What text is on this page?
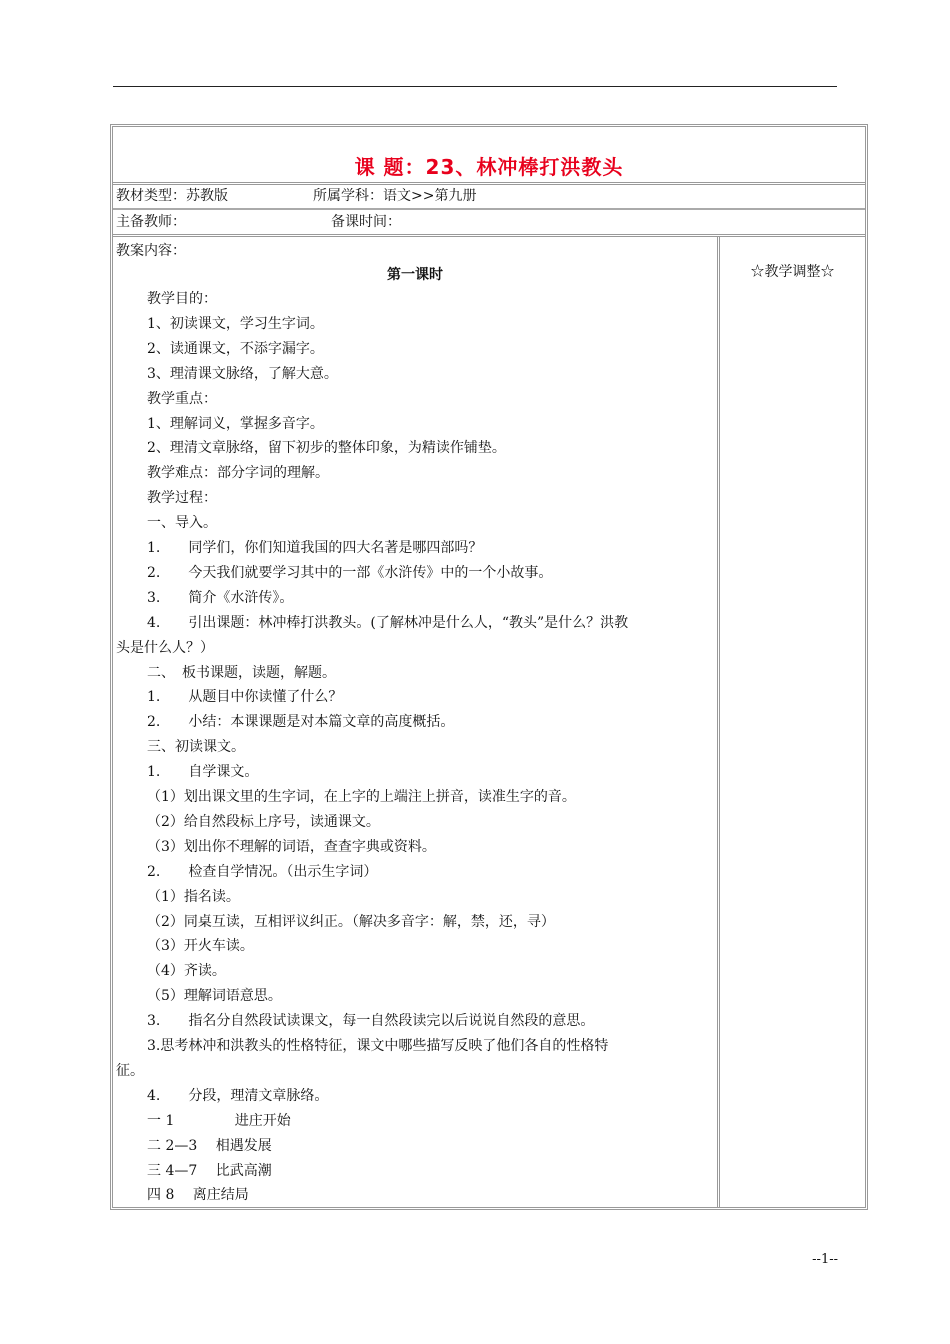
课 题：23、林冲棒打洪教头
教材类型：苏教版	所属学科：语文>>第九册
主备教师：	备课时间：
教案内容：
第一课时
教学目的：
1、初读课文，学习生字词。
2、读通课文，不添字漏字。
3、理清课文脉络，了解大意。
教学重点：
1、理解词义，掌握多音字。
2、理清文章脉络，留下初步的整体印象，为精读作铺垫。
教学难点：部分字词的理解。
教学过程：
一、导入。
1.　　同学们，你们知道我国的四大名著是哪四部吗？
2.　　今天我们就要学习其中的一部《水浒传》中的一个小故事。
3.　　简介《水浒传》。
4.　　引出课题：林冲棒打洪教头。(了解林冲是什么人，“教头”是什么？洪教
头是什么人？）
二、　板书课题，读题，解题。
1.　　从题目中你读懂了什么？
2.　　小结：本课课题是对本篇文章的高度概括。
三、初读课文。
1.　　自学课文。
（1）划出课文里的生字词，在上字的上端注上拼音，读准生字的音。
（2）给自然段标上序号，读通课文。
（3）划出你不理解的词语，查查字典或资料。
2.　　检查自学情况。（出示生字词）
（1）指名读。
（2）同桌互读，互相评议纠正。（解决多音字：解，禁，还，寻）
（3）开火车读。
（4）齐读。
（5）理解词语意思。
3.　　指名分自然段试读课文，每一自然段读完以后说说自然段的意思。
3.思考林冲和洪教头的性格特征，课文中哪些描写反映了他们各自的性格特
征。
4.　　分段，理清文章脉络。
一 1　　　　 进庄开始
二 2—3　 相遇发展
三 4—7　 比武高潮
四 8　 离庄结局
☆教学调整☆
--1--
